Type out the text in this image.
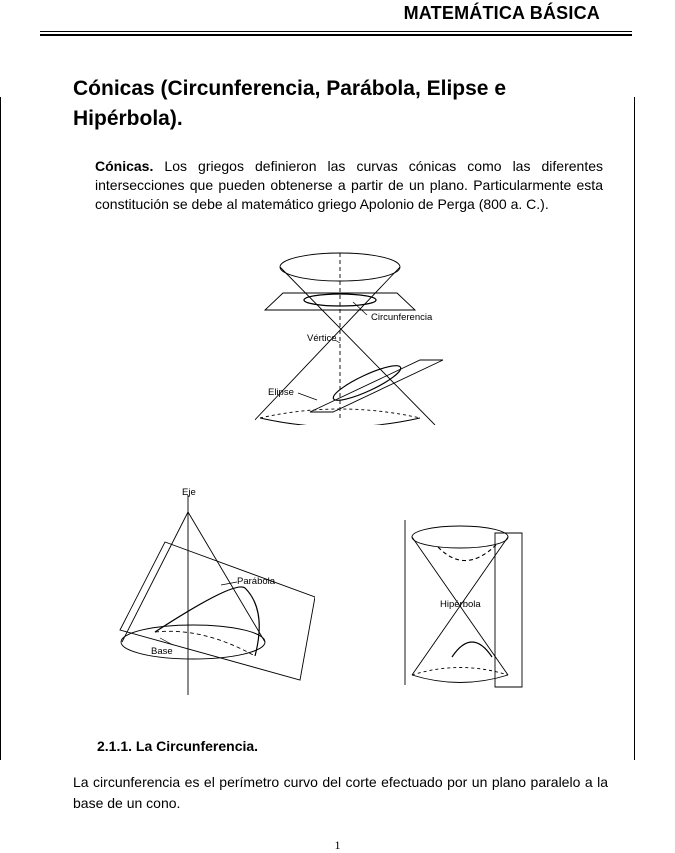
MATEMÁTICA BÁSICA
Cónicas (Circunferencia, Parábola, Elipse e
Hipérbola).

Cónicas. Los griegos definieron las curvas cónicas como las diferentes intersecciones que pueden obtenerse a partir de un plano. Particularmente esta constitución se debe al matemático griego Apolonio de Perga (800 a. C.).

Circunferencia
Vértice
Elipse
Eje
Parábola
Base
Hipérbola
2.1.1. La Circunferencia.

La circunferencia es el perímetro curvo del corte efectuado por un plano paralelo a la base de un cono.

1
